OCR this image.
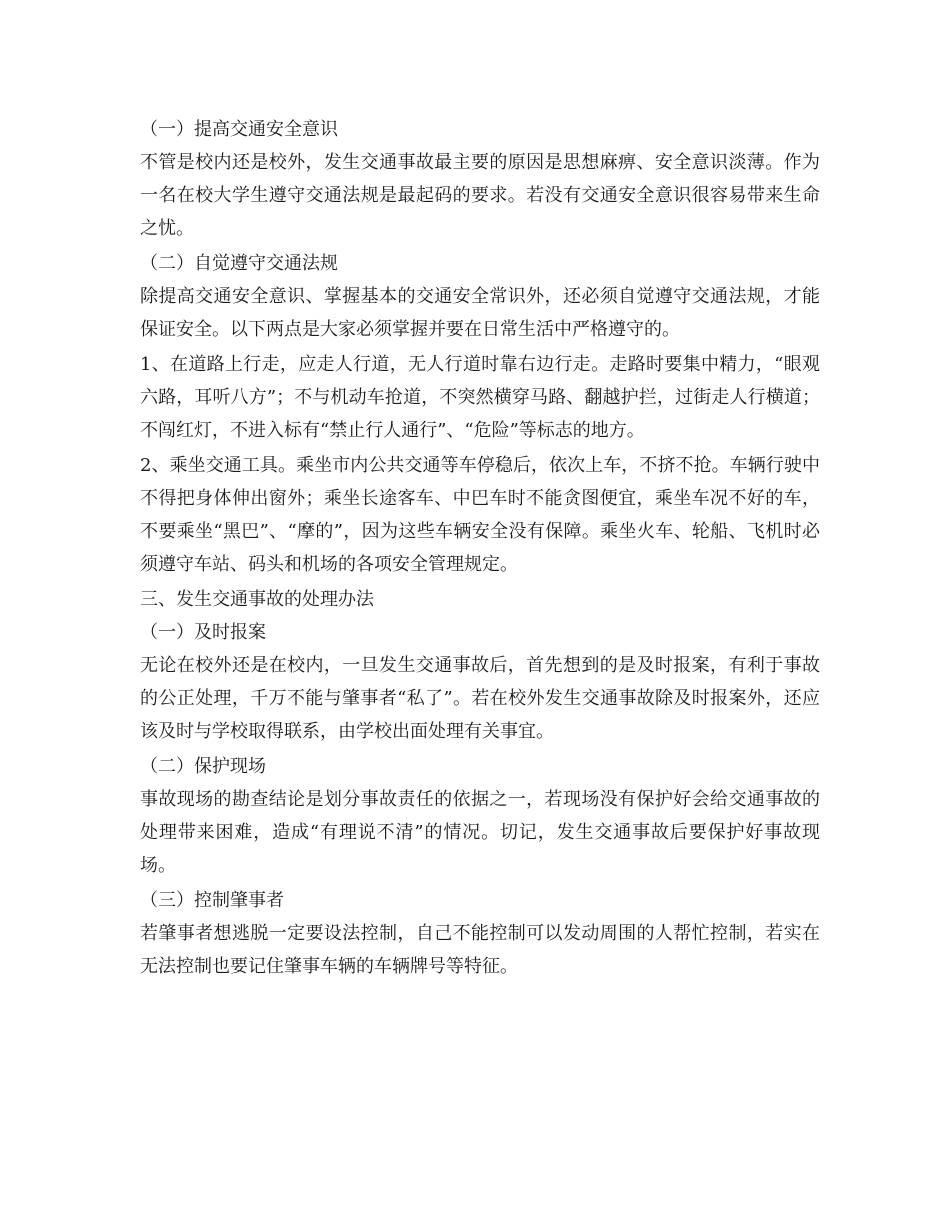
（一）提高交通安全意识

不管是校内还是校外，发生交通事故最主要的原因是思想麻痹、安全意识淡薄。作为一名在校大学生遵守交通法规是最起码的要求。若没有交通安全意识很容易带来生命之忧。

（二）自觉遵守交通法规

除提高交通安全意识、掌握基本的交通安全常识外，还必须自觉遵守交通法规，才能保证安全。以下两点是大家必须掌握并要在日常生活中严格遵守的。

1、在道路上行走，应走人行道，无人行道时靠右边行走。走路时要集中精力，“眼观六路，耳听八方”；不与机动车抢道，不突然横穿马路、翻越护拦，过街走人行横道；不闯红灯，不进入标有“禁止行人通行”、“危险”等标志的地方。

2、乘坐交通工具。乘坐市内公共交通等车停稳后，依次上车，不挤不抢。车辆行驶中不得把身体伸出窗外；乘坐长途客车、中巴车时不能贪图便宜，乘坐车况不好的车，不要乘坐“黑巴”、“摩的”，因为这些车辆安全没有保障。乘坐火车、轮船、飞机时必须遵守车站、码头和机场的各项安全管理规定。

三、发生交通事故的处理办法

（一）及时报案

无论在校外还是在校内，一旦发生交通事故后，首先想到的是及时报案，有利于事故的公正处理，千万不能与肇事者“私了”。若在校外发生交通事故除及时报案外，还应该及时与学校取得联系，由学校出面处理有关事宜。

（二）保护现场

事故现场的勘查结论是划分事故责任的依据之一，若现场没有保护好会给交通事故的处理带来困难，造成“有理说不清”的情况。切记，发生交通事故后要保护好事故现场。

（三）控制肇事者

若肇事者想逃脱一定要设法控制，自己不能控制可以发动周围的人帮忙控制，若实在无法控制也要记住肇事车辆的车辆牌号等特征。
